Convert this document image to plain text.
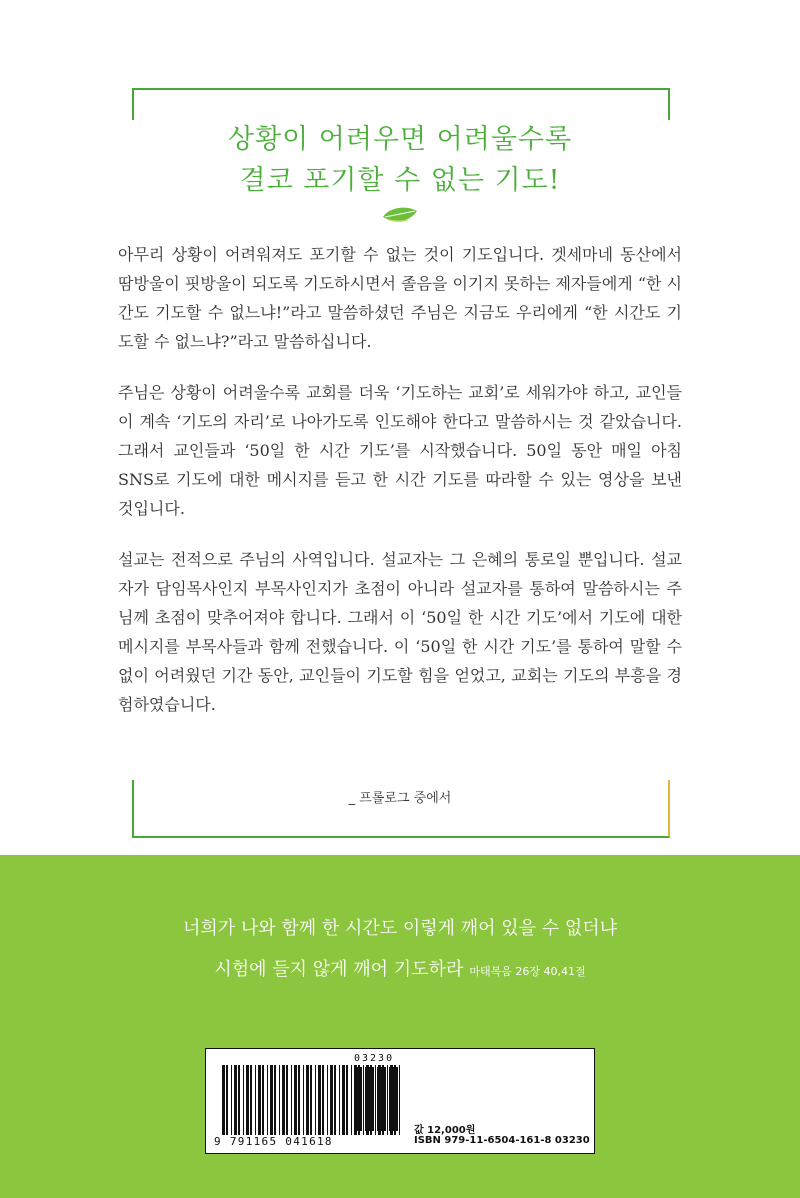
상황이 어려우면 어려울수록
결코 포기할 수 없는 기도!

아무리 상황이 어려워져도 포기할 수 없는 것이 기도입니다. 겟세마네 동산에서 땀방울이 핏방울이 되도록 기도하시면서 졸음을 이기지 못하는 제자들에게 “한 시간도 기도할 수 없느냐!”라고 말씀하셨던 주님은 지금도 우리에게 “한 시간도 기도할 수 없느냐?”라고 말씀하십니다.

주님은 상황이 어려울수록 교회를 더욱 ‘기도하는 교회’로 세워가야 하고, 교인들이 계속 ‘기도의 자리’로 나아가도록 인도해야 한다고 말씀하시는 것 같았습니다. 그래서 교인들과 ‘50일 한 시간 기도’를 시작했습니다. 50일 동안 매일 아침 SNS로 기도에 대한 메시지를 듣고 한 시간 기도를 따라할 수 있는 영상을 보낸 것입니다.

설교는 전적으로 주님의 사역입니다. 설교자는 그 은혜의 통로일 뿐입니다. 설교자가 담임목사인지 부목사인지가 초점이 아니라 설교자를 통하여 말씀하시는 주님께 초점이 맞추어져야 합니다. 그래서 이 ‘50일 한 시간 기도’에서 기도에 대한 메시지를 부목사들과 함께 전했습니다. 이 ‘50일 한 시간 기도’를 통하여 말할 수 없이 어려웠던 기간 동안, 교인들이 기도할 힘을 얻었고, 교회는 기도의 부흥을 경험하였습니다.

_ 프롤로그 중에서
너희가 나와 함께 한 시간도 이렇게 깨어 있을 수 없더냐
시험에 들지 않게 깨어 기도하라 마태복음 26장 40,41절
9 791165 041618
03230
값 12,000원
ISBN 979-11-6504-161-8 03230
